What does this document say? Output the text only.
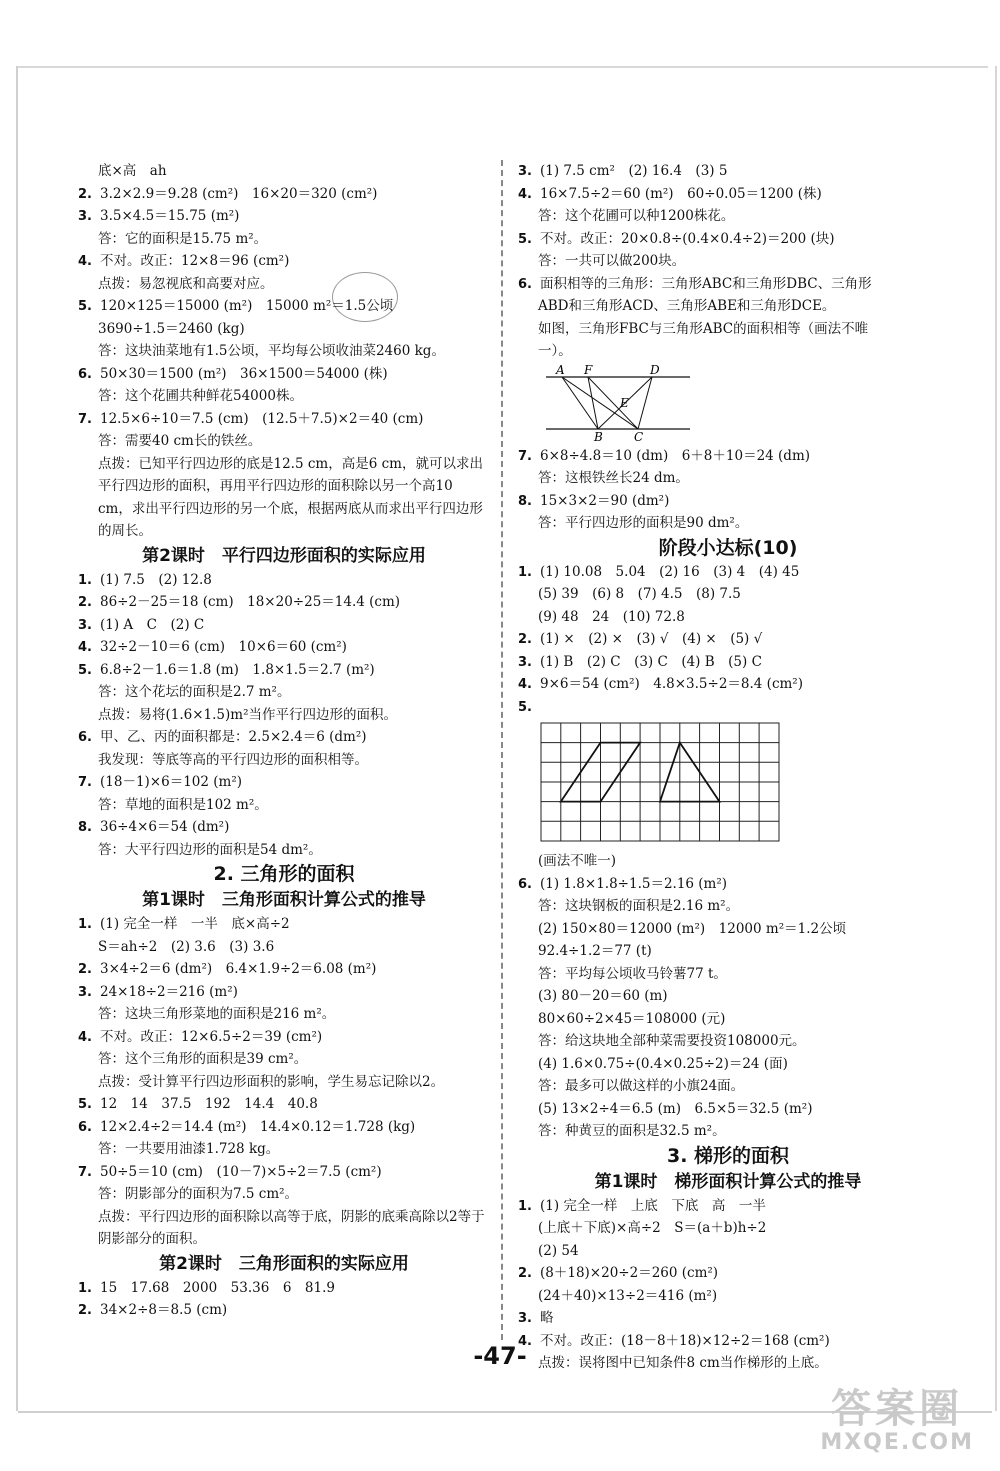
底×高　ah
2. 3.2×2.9＝9.28 (cm²)　16×20＝320 (cm²)
3. 3.5×4.5＝15.75 (m²)
答：它的面积是15.75 m²。
4. 不对。改正：12×8＝96 (cm²)
点拨：易忽视底和高要对应。
5. 120×125＝15000 (m²)　15000 m²＝1.5公顷
3690÷1.5＝2460 (kg)
答：这块油菜地有1.5公顷，平均每公顷收油菜2460 kg。
6. 50×30＝1500 (m²)　36×1500＝54000 (株)
答：这个花圃共种鲜花54000株。
7. 12.5×6÷10＝7.5 (cm)　(12.5＋7.5)×2＝40 (cm)
答：需要40 cm长的铁丝。
点拨：已知平行四边形的底是12.5 cm，高是6 cm，就可以求出平行四边形的面积，再用平行四边形的面积除以另一个高10 cm，求出平行四边形的另一个底，根据两底从而求出平行四边形的周长。
第2课时　平行四边形面积的实际应用
1. (1) 7.5　(2) 12.8
2. 86÷2－25＝18 (cm)　18×20÷25＝14.4 (cm)
3. (1) A　C　(2) C
4. 32÷2－10＝6 (cm)　10×6＝60 (cm²)
5. 6.8÷2－1.6＝1.8 (m)　1.8×1.5＝2.7 (m²)
答：这个花坛的面积是2.7 m²。
点拨：易将(1.6×1.5)m²当作平行四边形的面积。
6. 甲、乙、丙的面积都是：2.5×2.4＝6 (dm²)
我发现：等底等高的平行四边形的面积相等。
7. (18－1)×6＝102 (m²)
答：草地的面积是102 m²。
8. 36÷4×6＝54 (dm²)
答：大平行四边形的面积是54 dm²。
2. 三角形的面积
第1课时　三角形面积计算公式的推导
1. (1) 完全一样　一半　底×高÷2
S＝ah÷2　(2) 3.6　(3) 3.6
2. 3×4÷2＝6 (dm²)　6.4×1.9÷2＝6.08 (m²)
3. 24×18÷2＝216 (m²)
答：这块三角形菜地的面积是216 m²。
4. 不对。改正：12×6.5÷2＝39 (cm²)
答：这个三角形的面积是39 cm²。
点拨：受计算平行四边形面积的影响，学生易忘记除以2。
5. 12　14　37.5　192　14.4　40.8
6. 12×2.4÷2＝14.4 (m²)　14.4×0.12＝1.728 (kg)
答：一共要用油漆1.728 kg。
7. 50÷5＝10 (cm)　(10－7)×5÷2＝7.5 (cm²)
答：阴影部分的面积为7.5 cm²。
点拨：平行四边形的面积除以高等于底，阴影的底乘高除以2等于阴影部分的面积。
第2课时　三角形面积的实际应用
1. 15　17.68　2000　53.36　6　81.9
2. 34×2÷8＝8.5 (cm)
3. (1) 7.5 cm²　(2) 16.4　(3) 5
4. 16×7.5÷2＝60 (m²)　60÷0.05＝1200 (株)
答：这个花圃可以种1200株花。
5. 不对。改正：20×0.8÷(0.4×0.4÷2)＝200 (块)
答：一共可以做200块。
6. 面积相等的三角形：三角形ABC和三角形DBC、三角形
ABD和三角形ACD、三角形ABE和三角形DCE。
如图，三角形FBC与三角形ABC的面积相等（画法不唯
一）。
A F	D
E
B	C
7. 6×8÷4.8＝10 (dm)　6＋8＋10＝24 (dm)
答：这根铁丝长24 dm。
8. 15×3×2＝90 (dm²)
答：平行四边形的面积是90 dm²。
阶段小达标(10)
1. (1) 10.08　5.04　(2) 16　(3) 4　(4) 45
(5) 39　(6) 8　(7) 4.5　(8) 7.5
(9) 48　24　(10) 72.8
2. (1) ×　(2) ×　(3) √　(4) ×　(5) √
3. (1) B　(2) C　(3) C　(4) B　(5) C
4. 9×6＝54 (cm²)　4.8×3.5÷2＝8.4 (cm²)
5.
(画法不唯一)
6. (1) 1.8×1.8÷1.5＝2.16 (m²)
答：这块钢板的面积是2.16 m²。
(2) 150×80＝12000 (m²)　12000 m²＝1.2公顷
92.4÷1.2＝77 (t)
答：平均每公顷收马铃薯77 t。
(3) 80－20＝60 (m)
80×60÷2×45＝108000 (元)
答：给这块地全部种菜需要投资108000元。
(4) 1.6×0.75÷(0.4×0.25÷2)＝24 (面)
答：最多可以做这样的小旗24面。
(5) 13×2÷4＝6.5 (m)　6.5×5＝32.5 (m²)
答：种黄豆的面积是32.5 m²。
3. 梯形的面积
第1课时　梯形面积计算公式的推导
1. (1) 完全一样　上底　下底　高　一半
(上底＋下底)×高÷2　S＝(a＋b)h÷2
(2) 54
2. (8＋18)×20÷2＝260 (cm²)
(24＋40)×13÷2＝416 (m²)
3. 略
4. 不对。改正：(18－8＋18)×12÷2＝168 (cm²)
点拨：误将图中已知条件8 cm当作梯形的上底。
-47-
答案圈
MXQE.COM
